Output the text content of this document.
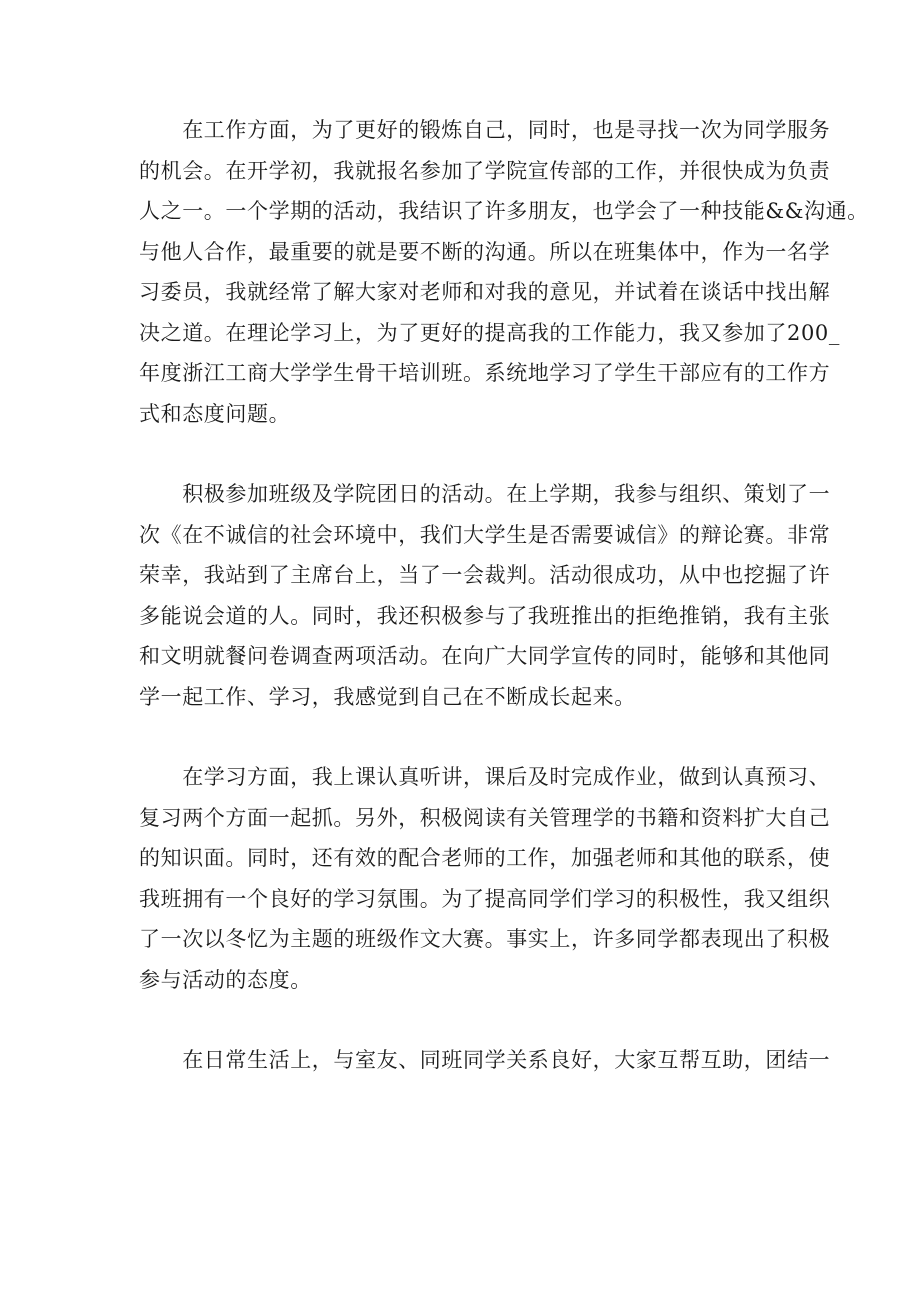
　　在工作方面，为了更好的锻炼自己，同时，也是寻找一次为同学服务
的机会。在开学初，我就报名参加了学院宣传部的工作，并很快成为负责
人之一。一个学期的活动，我结识了许多朋友，也学会了一种技能&&沟通。
与他人合作，最重要的就是要不断的沟通。所以在班集体中，作为一名学
习委员，我就经常了解大家对老师和对我的意见，并试着在谈话中找出解
决之道。在理论学习上，为了更好的提高我的工作能力，我又参加了200_
年度浙江工商大学学生骨干培训班。系统地学习了学生干部应有的工作方
式和态度问题。
　　积极参加班级及学院团日的活动。在上学期，我参与组织、策划了一
次《在不诚信的社会环境中，我们大学生是否需要诚信》的辩论赛。非常
荣幸，我站到了主席台上，当了一会裁判。活动很成功，从中也挖掘了许
多能说会道的人。同时，我还积极参与了我班推出的拒绝推销，我有主张
和文明就餐问卷调查两项活动。在向广大同学宣传的同时，能够和其他同
学一起工作、学习，我感觉到自己在不断成长起来。
　　在学习方面，我上课认真听讲，课后及时完成作业，做到认真预习、
复习两个方面一起抓。另外，积极阅读有关管理学的书籍和资料扩大自己
的知识面。同时，还有效的配合老师的工作，加强老师和其他的联系，使
我班拥有一个良好的学习氛围。为了提高同学们学习的积极性，我又组织
了一次以冬忆为主题的班级作文大赛。事实上，许多同学都表现出了积极
参与活动的态度。
　　在日常生活上，与室友、同班同学关系良好，大家互帮互助，团结一
